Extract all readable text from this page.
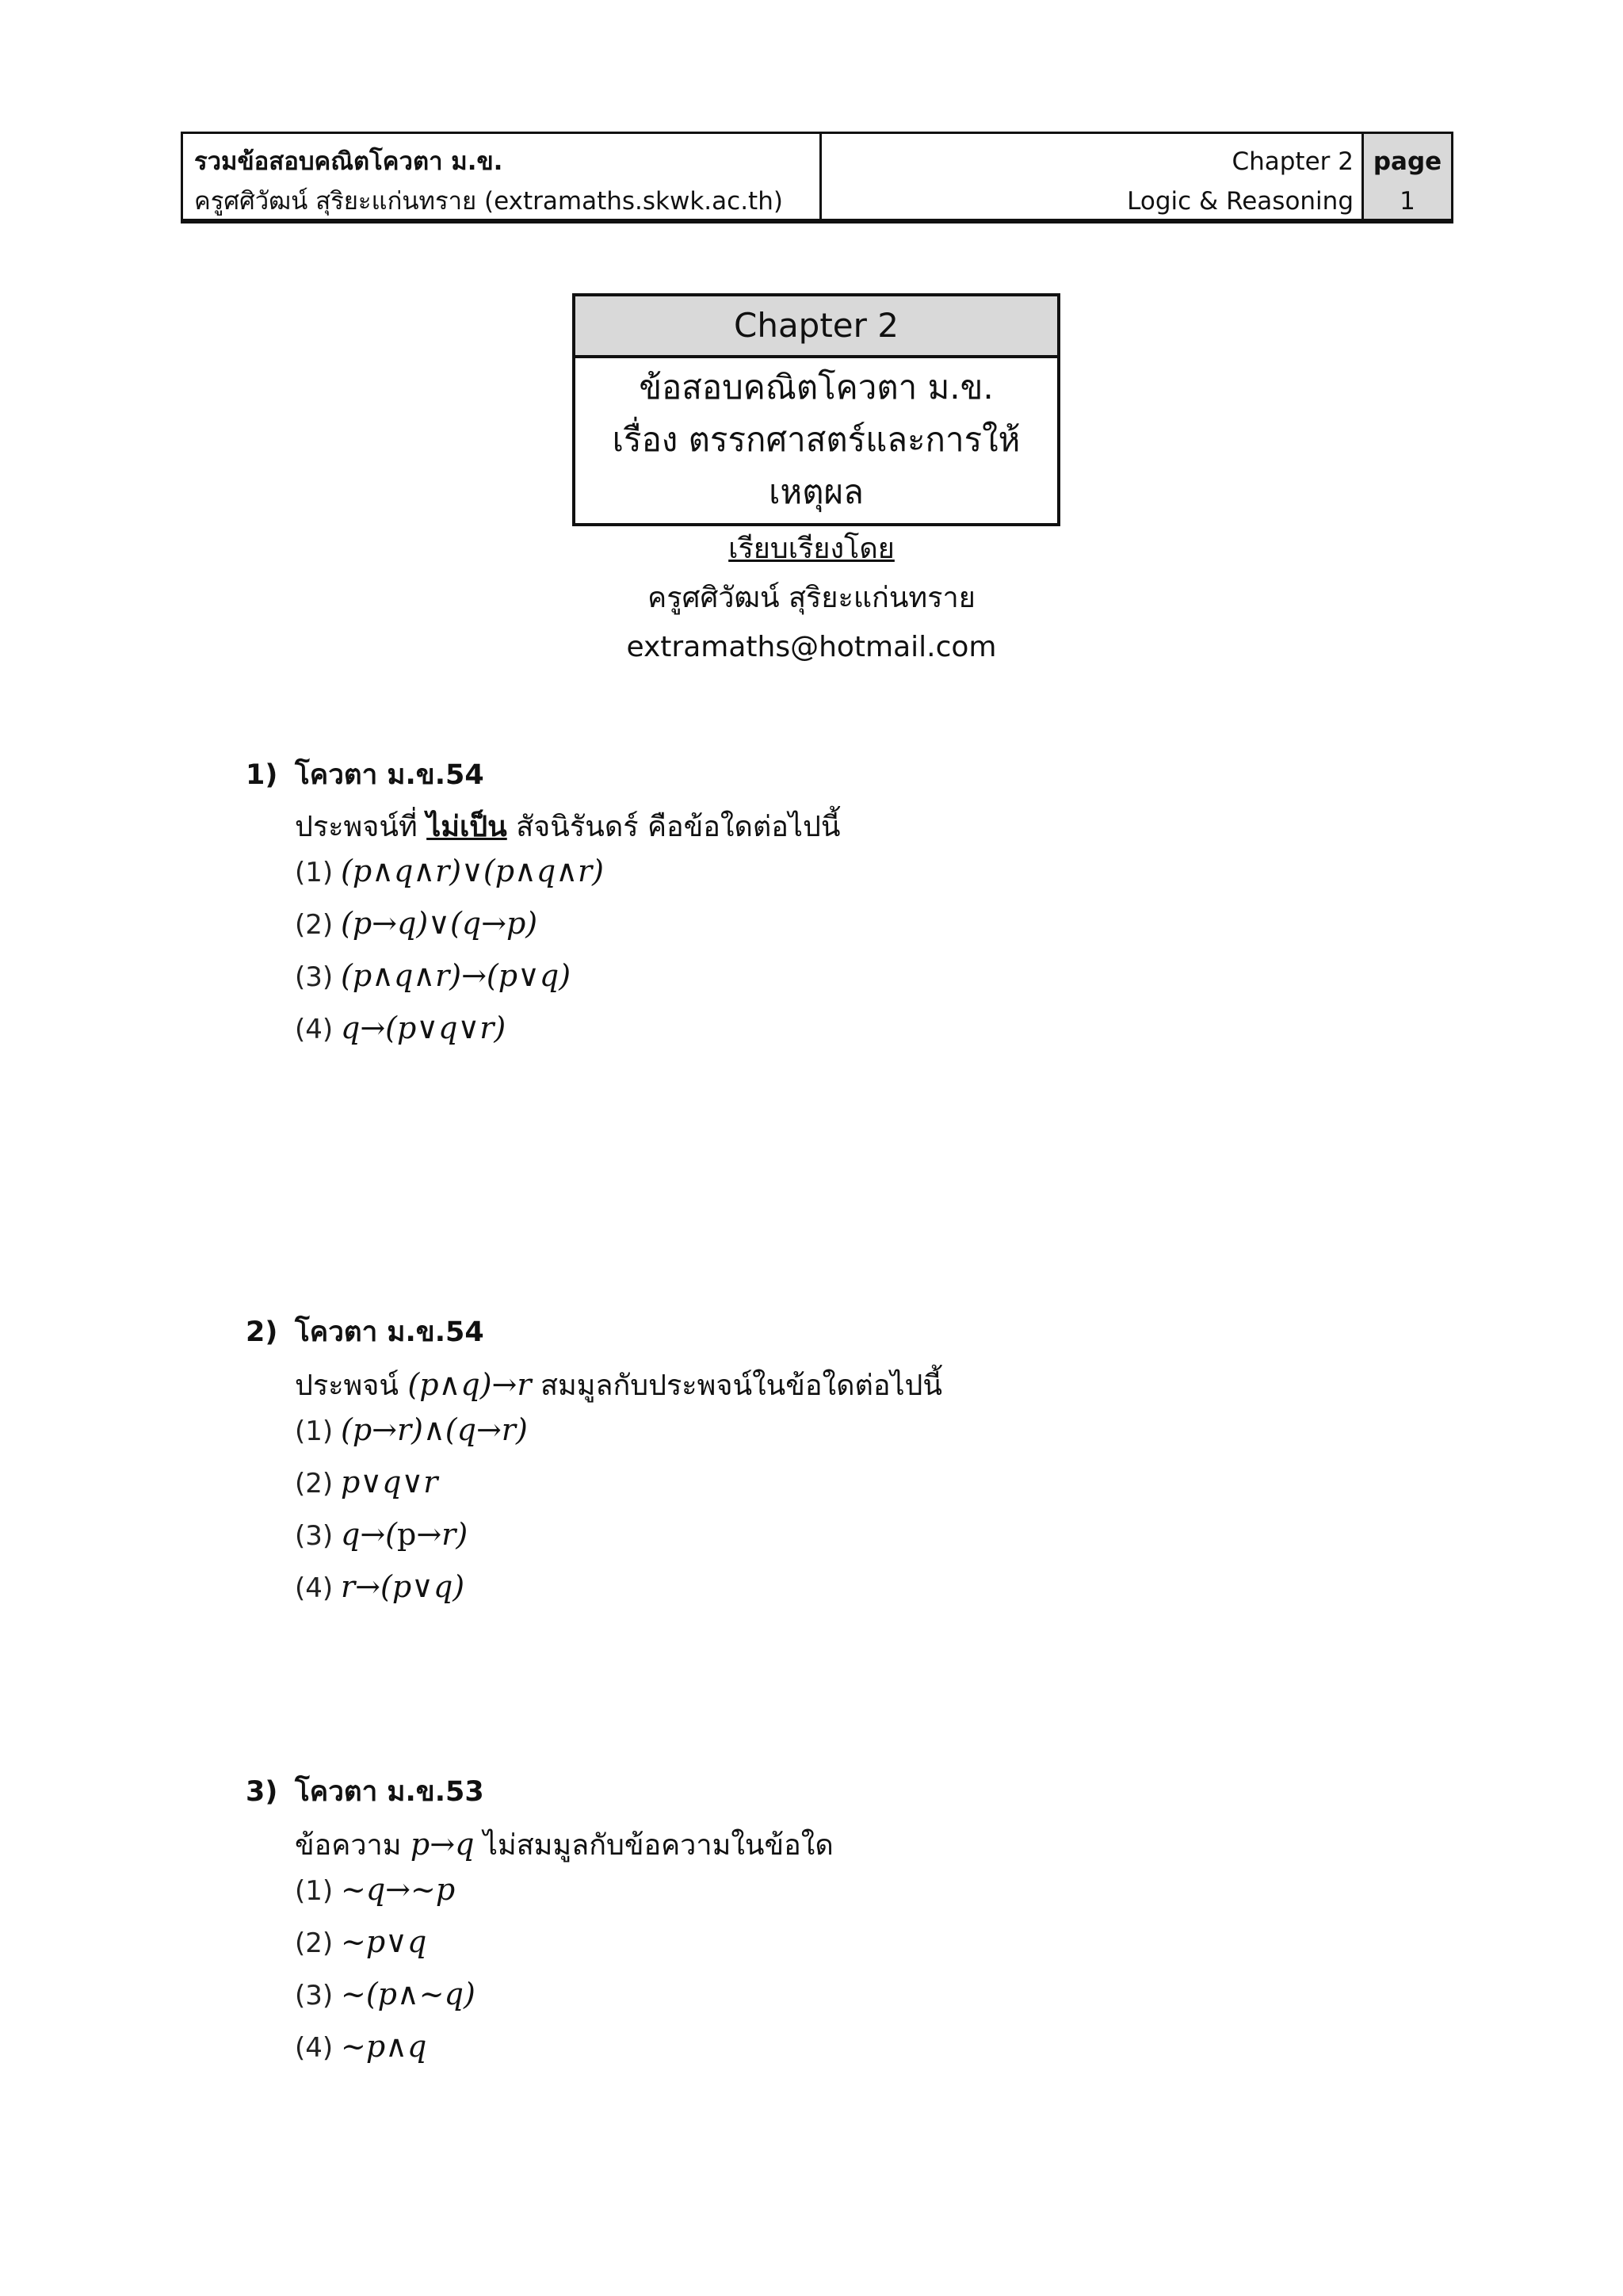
รวมข้อสอบคณิตโควตา ม.ข.
ครูศศิวัฒน์ สุริยะแก่นทราย (extramaths.skwk.ac.th)
Chapter 2
Logic & Reasoning
page
1
Chapter 2
ข้อสอบคณิตโควตา ม.ข.
เรื่อง ตรรกศาสตร์และการให้เหตุผล
เรียบเรียงโดย
ครูศศิวัฒน์ สุริยะแก่นทราย
extramaths@hotmail.com
1) โควตา ม.ข.54
ประพจน์ที่ ไม่เป็น สัจนิรันดร์ คือข้อใดต่อไปนี้
(1) (p∧q∧r)∨(p∧q∧r)
(2) (p→q)∨(q→p)
(3) (p∧q∧r)→(p∨q)
(4) q→(p∨q∨r)
2) โควตา ม.ข.54
ประพจน์ (p∧q)→r สมมูลกับประพจน์ในข้อใดต่อไปนี้
(1) (p→r)∧(q→r)
(2) p∨q∨r
(3) q→(p→r)
(4) r→(p∨q)
3) โควตา ม.ข.53
ข้อความ p→q ไม่สมมูลกับข้อความในข้อใด
(1) ~q→~p
(2) ~p∨q
(3) ~(p∧~q)
(4) ~p∧q
